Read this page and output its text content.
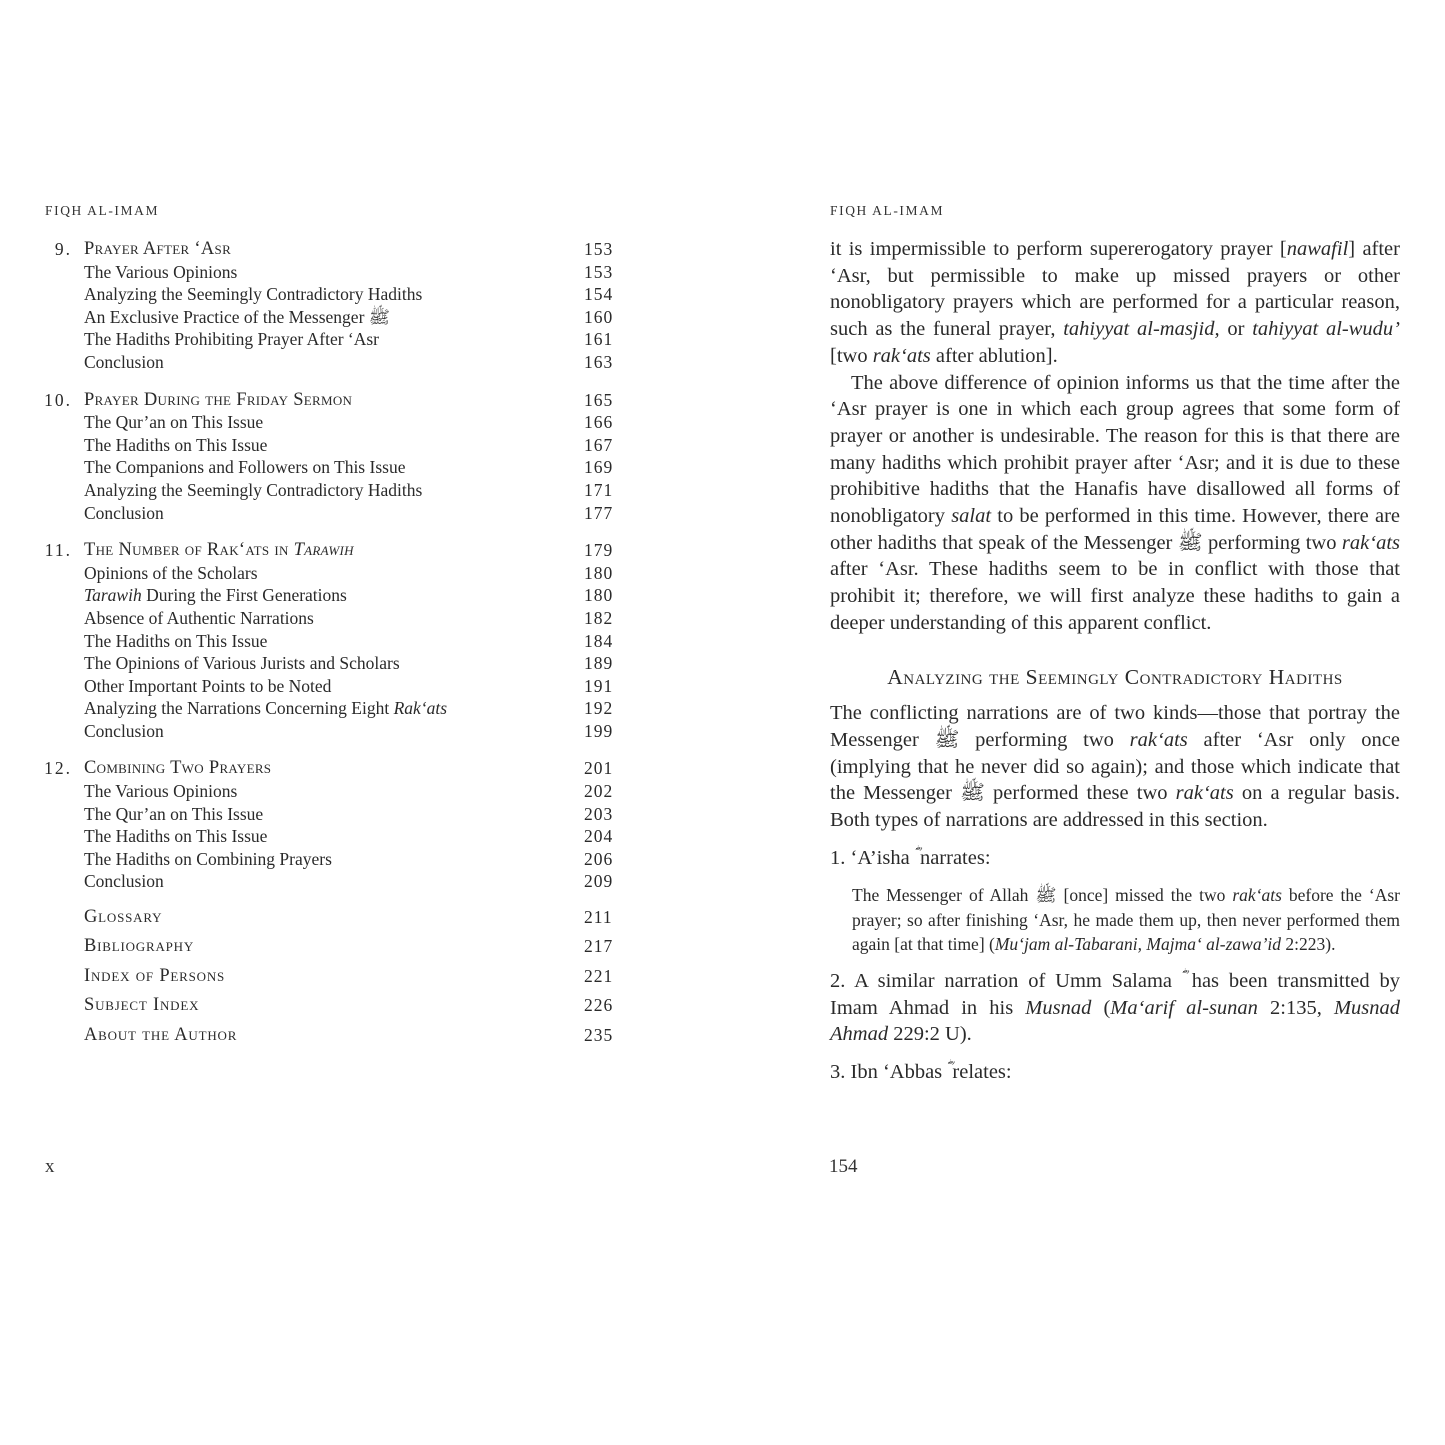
FIQH AL-IMAM
9. Prayer After ‘Asr	153
The Various Opinions	153
Analyzing the Seemingly Contradictory Hadiths	154
An Exclusive Practice of the Messenger ﷺ	160
The Hadiths Prohibiting Prayer After ‘Asr	161
Conclusion	163
10. Prayer During the Friday Sermon	165
The Qur’an on This Issue	166
The Hadiths on This Issue	167
The Companions and Followers on This Issue	169
Analyzing the Seemingly Contradictory Hadiths	171
Conclusion	177
11. The Number of Rak‘ats in Tarawih	179
Opinions of the Scholars	180
Tarawih During the First Generations	180
Absence of Authentic Narrations	182
The Hadiths on This Issue	184
The Opinions of Various Jurists and Scholars	189
Other Important Points to be Noted	191
Analyzing the Narrations Concerning Eight Rak‘ats	192
Conclusion	199
12. Combining Two Prayers	201
The Various Opinions	202
The Qur’an on This Issue	203
The Hadiths on This Issue	204
The Hadiths on Combining Prayers	206
Conclusion	209
Glossary	211
Bibliography	217
Index of Persons	221
Subject Index	226
About the Author	235
x
FIQH AL-IMAM

it is impermissible to perform supererogatory prayer [nawafil] after ‘Asr, but permissible to make up missed prayers or other nonobligatory prayers which are performed for a particular reason, such as the funeral prayer, tahiyyat al-masjid, or tahiyyat al-wudu’ [two rak‘ats after ablution].

The above difference of opinion informs us that the time after the ‘Asr prayer is one in which each group agrees that some form of prayer or another is undesirable. The reason for this is that there are many hadiths which prohibit prayer after ‘Asr; and it is due to these prohibitive hadiths that the Hanafis have disallowed all forms of nonobligatory salat to be performed in this time. However, there are other hadiths that speak of the Messenger ﷺ performing two rak‘ats after ‘Asr. These hadiths seem to be in conflict with those that prohibit it; therefore, we will first analyze these hadiths to gain a deeper understanding of this apparent conflict.

Analyzing the Seemingly Contradictory Hadiths

The conflicting narrations are of two kinds—those that portray the Messenger ﷺ performing two rak‘ats after ‘Asr only once (implying that he never did so again); and those which indicate that the Messenger ﷺ performed these two rak‘ats on a regular basis. Both types of narrations are addressed in this section.

1. ‘A’isha ؓ narrates:

The Messenger of Allah ﷺ [once] missed the two rak‘ats before the ‘Asr prayer; so after finishing ‘Asr, he made them up, then never performed them again [at that time] (Mu‘jam al-Tabarani, Majma‘ al-zawa’id 2:223).

2. A similar narration of Umm Salama ؓ has been transmitted by Imam Ahmad in his Musnad (Ma‘arif al-sunan 2:135, Musnad Ahmad 229:2 U).

3. Ibn ‘Abbas ؓ relates:

154
